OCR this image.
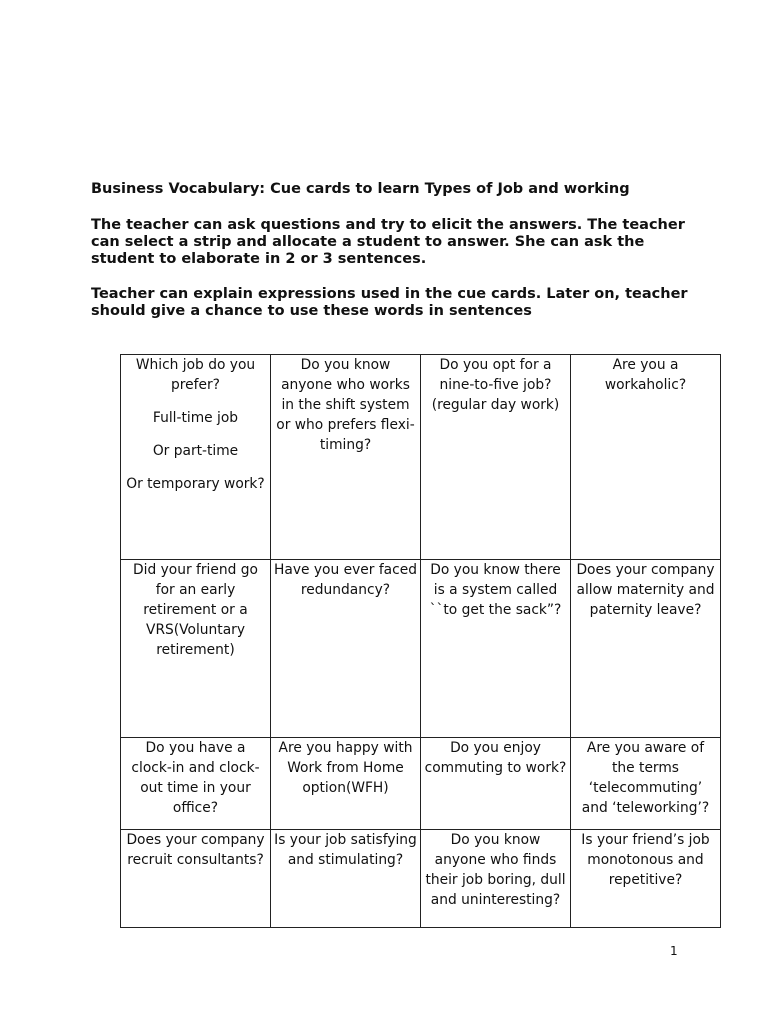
Business Vocabulary: Cue cards to learn Types of Job and working

The teacher can ask questions and try to elicit the answers. The teacher can select a strip and allocate a student to answer. She can ask the student to elaborate in 2 or 3 sentences.

Teacher can explain expressions used in the cue cards. Later on, teacher should give a chance to use these words in sentences

Which job do you prefer?
Full-time job
Or part-time
Or temporary work?	Do you know anyone who works in the shift system or who prefers flexi-timing?	Do you opt for a nine-to-five job? (regular day work)	Are you a workaholic?
Did your friend go for an early retirement or a VRS(Voluntary retirement)	Have you ever faced redundancy?	Do you know there is a system called ``to get the sack”?	Does your company allow maternity and paternity leave?
Do you have a clock-in and clock-out time in your office?	Are you happy with Work from Home option(WFH)	Do you enjoy commuting to work?	Are you aware of the terms ‘telecommuting’ and ‘teleworking’?
Does your company recruit consultants?	Is your job satisfying and stimulating?	Do you know anyone who finds their job boring, dull and uninteresting?	Is your friend’s job monotonous and repetitive?
1
